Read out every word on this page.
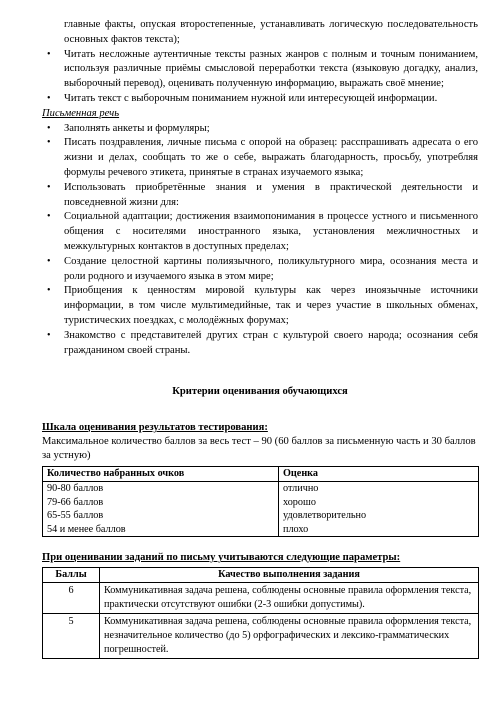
главные факты, опуская второстепенные, устанавливать логическую последовательность основных фактов текста);

• Читать несложные аутентичные тексты разных жанров с полным и точным пониманием, используя различные приёмы смысловой переработки текста (языковую догадку, анализ, выборочный перевод), оценивать полученную информацию, выражать своё мнение;
• Читать текст с выборочным пониманием нужной или интересующей информации.

Письменная речь

• Заполнять анкеты и формуляры;
• Писать поздравления, личные письма с опорой на образец: расспрашивать адресата о его жизни и делах, сообщать то же о себе, выражать благодарность, просьбу, употребляя формулы речевого этикета, принятые в странах изучаемого языка;
• Использовать приобретённые знания и умения в практической деятельности и повседневной жизни для:
• Социальной адаптации; достижения взаимопонимания в процессе устного и письменного общения с носителями иностранного языка, установления межличностных и межкультурных контактов в доступных пределах;
• Создание целостной картины полиязычного, поликультурного мира, осознания места и роли родного и изучаемого языка в этом мире;
• Приобщения к ценностям мировой культуры как через иноязычные источники информации, в том числе мультимедийные, так и через участие в школьных обменах, туристических поездках, с молодёжных форумах;
• Знакомство с представителей других стран с культурой своего народа; осознания себя гражданином своей страны.
Критерии оценивания обучающихся

Шкала оценивания результатов тестирования:

Максимальное количество баллов за весь тест – 90 (60 баллов за письменную часть и 30 баллов за устную)

Количество набранных очков	Оценка
90-80 баллов	отлично
79-66 баллов	хорошо
65-55 баллов	удовлетворительно
54 и менее баллов	плохо

При оценивании заданий по письму учитываются следующие параметры:

Баллы	Качество выполнения задания
6	Коммуникативная задача решена, соблюдены основные правила оформления текста, практически отсутствуют ошибки (2-3 ошибки допустимы).
5	Коммуникативная задача решена, соблюдены основные правила оформления текста, незначительное количество (до 5) орфографических и лексико-грамматических погрешностей.
